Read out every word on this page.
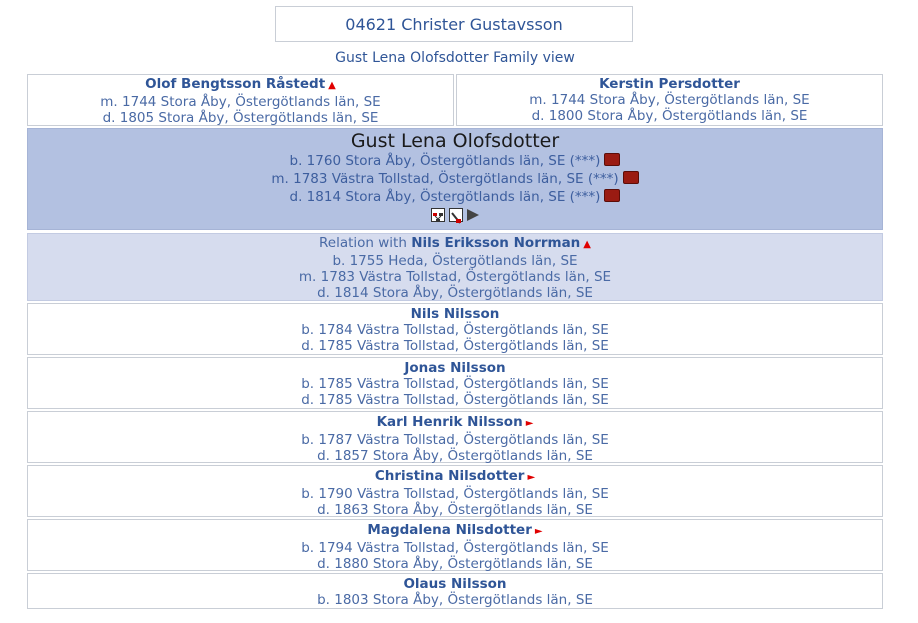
04621 Christer Gustavsson
Gust Lena Olofsdotter Family view
Olof Bengtsson Råstedt ▲
m. 1744 Stora Åby, Östergötlands län, SE
d. 1805 Stora Åby, Östergötlands län, SE
Kerstin Persdotter
m. 1744 Stora Åby, Östergötlands län, SE
d. 1800 Stora Åby, Östergötlands län, SE
Gust Lena Olofsdotter
b. 1760 Stora Åby, Östergötlands län, SE (***)
m. 1783 Västra Tollstad, Östergötlands län, SE (***)
d. 1814 Stora Åby, Östergötlands län, SE (***)
Relation with Nils Eriksson Norrman ▲
b. 1755 Heda, Östergötlands län, SE
m. 1783 Västra Tollstad, Östergötlands län, SE
d. 1814 Stora Åby, Östergötlands län, SE
Nils Nilsson
b. 1784 Västra Tollstad, Östergötlands län, SE
d. 1785 Västra Tollstad, Östergötlands län, SE
Jonas Nilsson
b. 1785 Västra Tollstad, Östergötlands län, SE
d. 1785 Västra Tollstad, Östergötlands län, SE
Karl Henrik Nilsson ►
b. 1787 Västra Tollstad, Östergötlands län, SE
d. 1857 Stora Åby, Östergötlands län, SE
Christina Nilsdotter ►
b. 1790 Västra Tollstad, Östergötlands län, SE
d. 1863 Stora Åby, Östergötlands län, SE
Magdalena Nilsdotter ►
b. 1794 Västra Tollstad, Östergötlands län, SE
d. 1880 Stora Åby, Östergötlands län, SE
Olaus Nilsson
b. 1803 Stora Åby, Östergötlands län, SE
